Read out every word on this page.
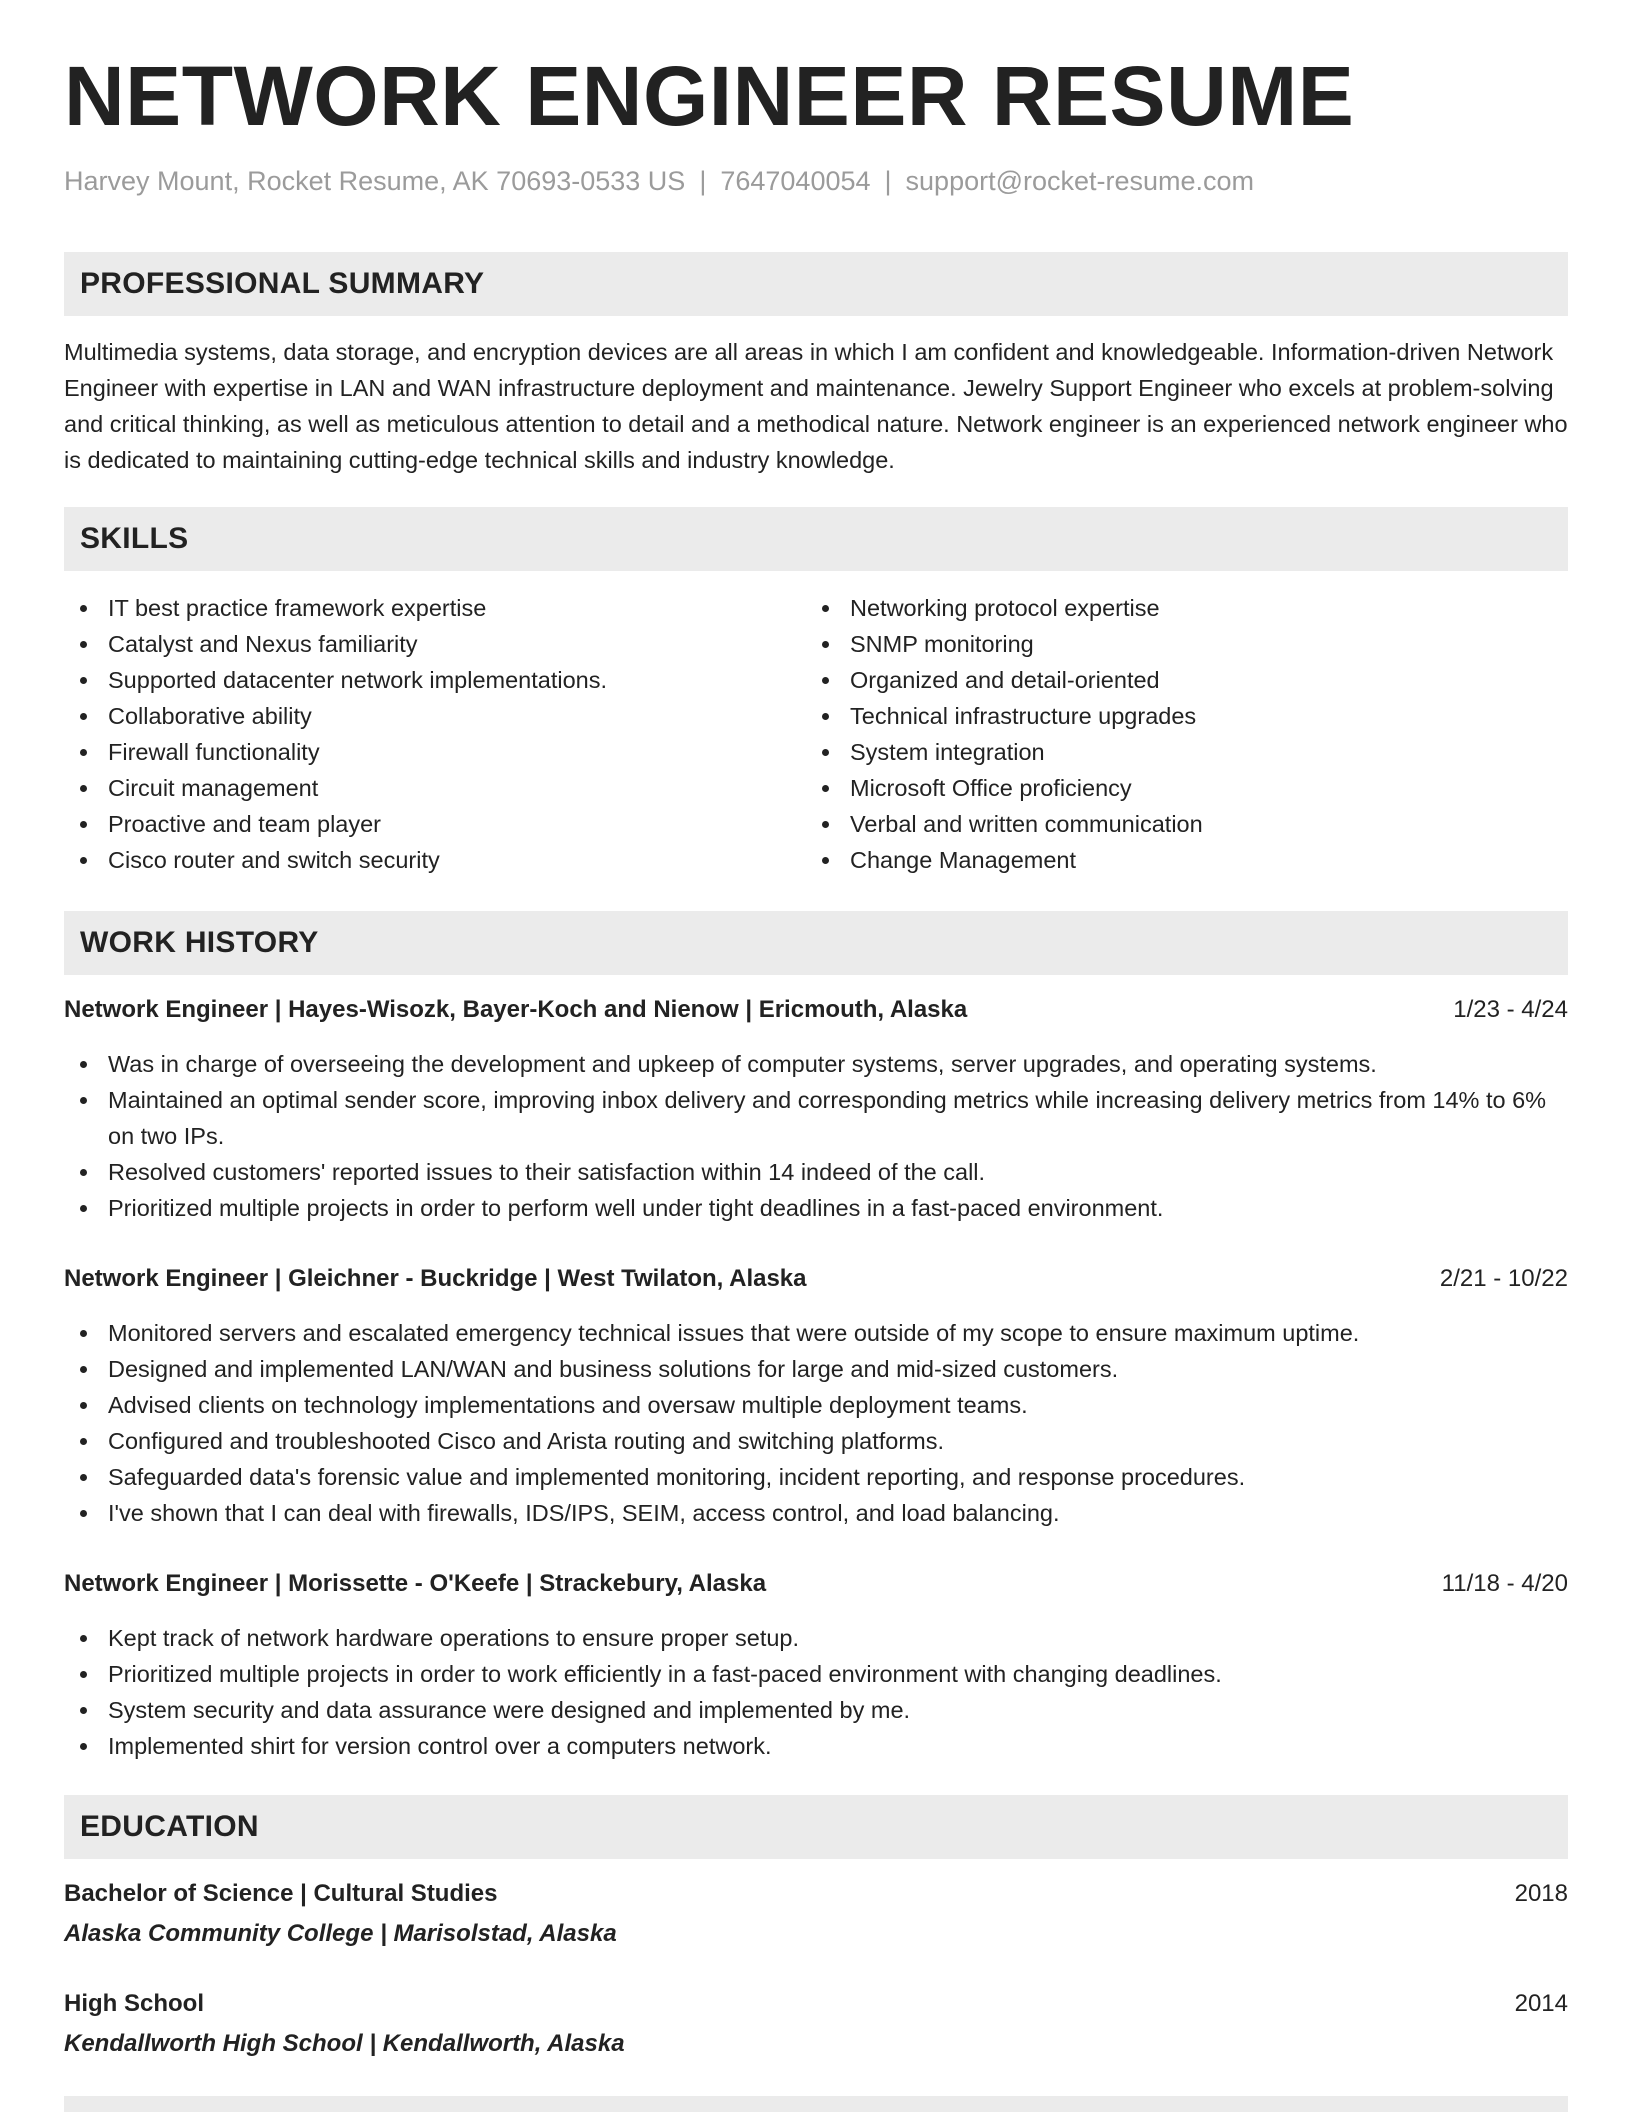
NETWORK ENGINEER RESUME
Harvey Mount, Rocket Resume, AK 70693-0533 US | 7647040054 | support@rocket-resume.com
PROFESSIONAL SUMMARY

Multimedia systems, data storage, and encryption devices are all areas in which I am confident and knowledgeable. Information-driven Network Engineer with expertise in LAN and WAN infrastructure deployment and maintenance. Jewelry Support Engineer who excels at problem-solving and critical thinking, as well as meticulous attention to detail and a methodical nature. Network engineer is an experienced network engineer who is dedicated to maintaining cutting-edge technical skills and industry knowledge.

SKILLS
IT best practice framework expertise
Catalyst and Nexus familiarity
Supported datacenter network implementations.
Collaborative ability
Firewall functionality
Circuit management
Proactive and team player
Cisco router and switch security
Networking protocol expertise
SNMP monitoring
Organized and detail-oriented
Technical infrastructure upgrades
System integration
Microsoft Office proficiency
Verbal and written communication
Change Management
WORK HISTORY
Network Engineer | Hayes-Wisozk, Bayer-Koch and Nienow | Ericmouth, Alaska	1/23 - 4/24
Was in charge of overseeing the development and upkeep of computer systems, server upgrades, and operating systems.
Maintained an optimal sender score, improving inbox delivery and corresponding metrics while increasing delivery metrics from 14% to 6% on two IPs.
Resolved customers' reported issues to their satisfaction within 14 indeed of the call.
Prioritized multiple projects in order to perform well under tight deadlines in a fast-paced environment.
Network Engineer | Gleichner - Buckridge | West Twilaton, Alaska	2/21 - 10/22
Monitored servers and escalated emergency technical issues that were outside of my scope to ensure maximum uptime.
Designed and implemented LAN/WAN and business solutions for large and mid-sized customers.
Advised clients on technology implementations and oversaw multiple deployment teams.
Configured and troubleshooted Cisco and Arista routing and switching platforms.
Safeguarded data's forensic value and implemented monitoring, incident reporting, and response procedures.
I've shown that I can deal with firewalls, IDS/IPS, SEIM, access control, and load balancing.
Network Engineer | Morissette - O'Keefe | Strackebury, Alaska	11/18 - 4/20
Kept track of network hardware operations to ensure proper setup.
Prioritized multiple projects in order to work efficiently in a fast-paced environment with changing deadlines.
System security and data assurance were designed and implemented by me.
Implemented shirt for version control over a computers network.
EDUCATION
Bachelor of Science | Cultural Studies	2018
Alaska Community College | Marisolstad, Alaska
High School	2014
Kendallworth High School | Kendallworth, Alaska
